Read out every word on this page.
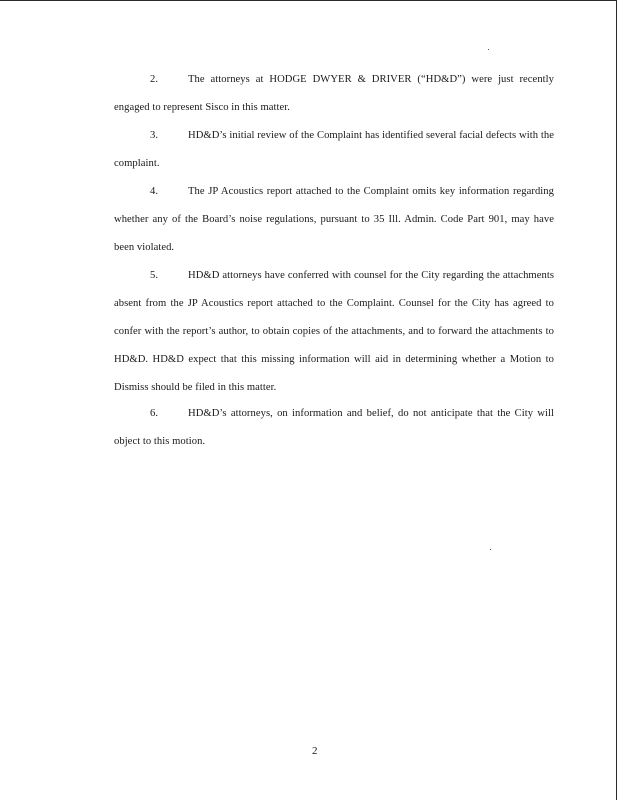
2.	The attorneys at HODGE DWYER & DRIVER (“HD&D”) were just recently engaged to represent Sisco in this matter.

3.	HD&D’s initial review of the Complaint has identified several facial defects with the complaint.

4.	The JP Acoustics report attached to the Complaint omits key information regarding whether any of the Board’s noise regulations, pursuant to 35 Ill. Admin. Code Part 901, may have been violated.

5.	HD&D attorneys have conferred with counsel for the City regarding the attachments absent from the JP Acoustics report attached to the Complaint. Counsel for the City has agreed to confer with the report’s author, to obtain copies of the attachments, and to forward the attachments to HD&D. HD&D expect that this missing information will aid in determining whether a Motion to Dismiss should be filed in this matter.

6.	HD&D’s attorneys, on information and belief, do not anticipate that the City will object to this motion.

2
